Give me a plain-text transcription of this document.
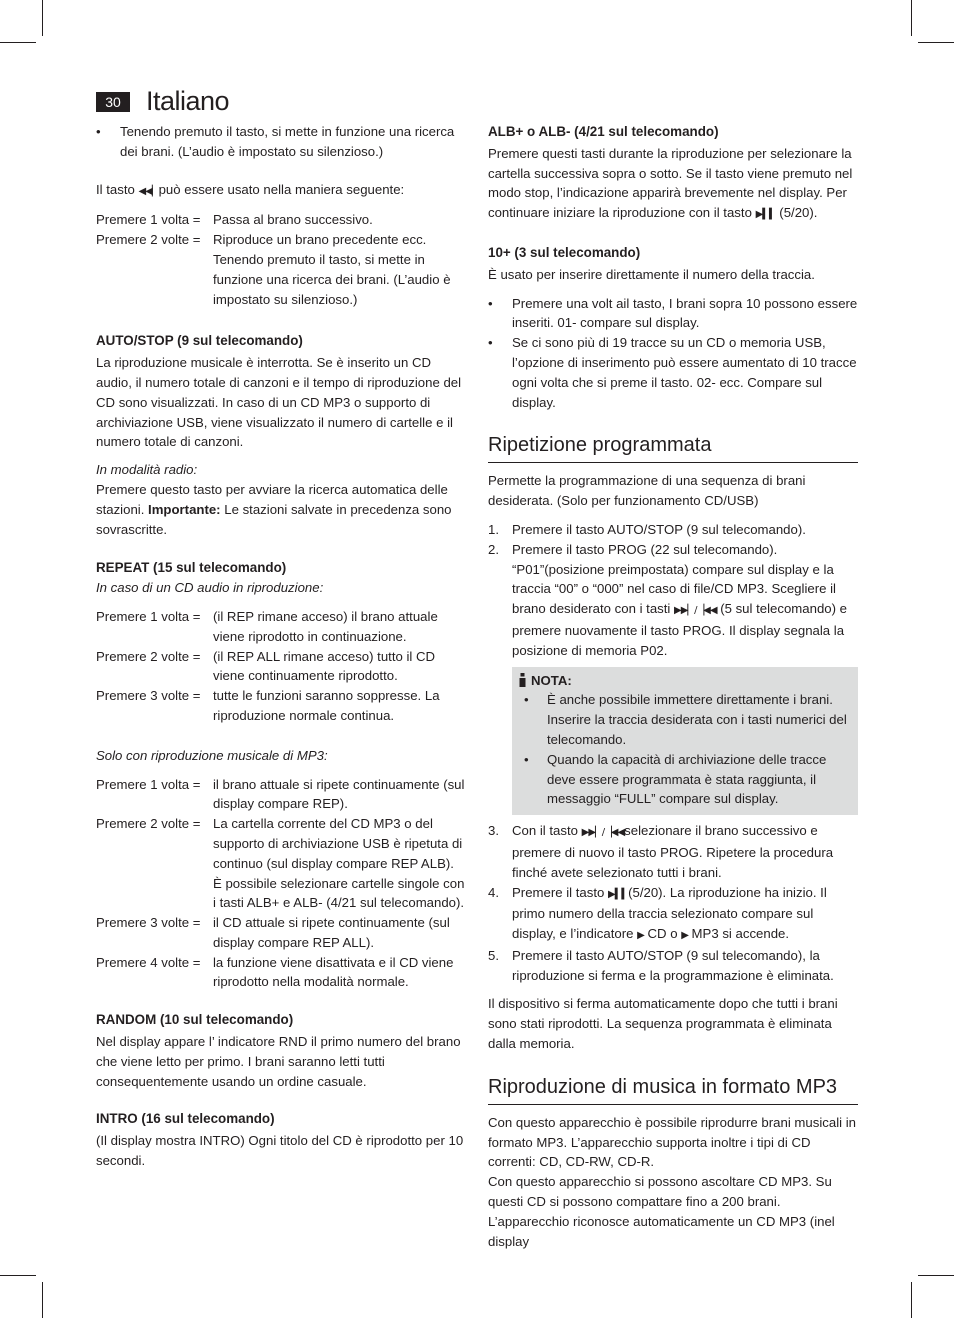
30 Italiano
• Tenendo premuto il tasto, si mette in funzione una ricerca dei brani. (L’audio è impostato su silenzioso.)

Il tasto ◀◀▏può essere usato nella maniera seguente:

Premere 1 volta = Passa al brano successivo.
Premere 2 volte = Riproduce un brano precedente ecc. Tenendo premuto il tasto, si mette in funzione una ricerca dei brani. (L’audio è impostato su silenzioso.)

AUTO/STOP (9 sul telecomando)

La riproduzione musicale è interrotta. Se è inserito un CD audio, il numero totale di canzoni e il tempo di riproduzione del CD sono visualizzati. In caso di un CD MP3 o supporto di archiviazione USB, viene visualizzato il numero di cartelle e il numero totale di canzoni.

In modalità radio:

Premere questo tasto per avviare la ricerca automatica delle stazioni. Importante: Le stazioni salvate in precedenza sono sovrascritte.

REPEAT (15 sul telecomando)

In caso di un CD audio in riproduzione:

Premere 1 volta = (il REP rimane acceso) il brano attuale viene riprodotto in continuazione.
Premere 2 volte = (il REP ALL rimane acceso) tutto il CD viene continuamente riprodotto.
Premere 3 volte = tutte le funzioni saranno soppresse. La riproduzione normale continua.

Solo con riproduzione musicale di MP3:

Premere 1 volta = il brano attuale si ripete continuamente (sul display compare REP).
Premere 2 volte = La cartella corrente del CD MP3 o del supporto di archiviazione USB è ripetuta di continuo (sul display compare REP ALB). È possibile selezionare cartelle singole con i tasti ALB+ e ALB- (4/21 sul telecomando).
Premere 3 volte = il CD attuale si ripete continuamente (sul display compare REP ALL).
Premere 4 volte = la funzione viene disattivata e il CD viene riprodotto nella modalità normale.

RANDOM (10 sul telecomando)

Nel display appare l’ indicatore RND il primo numero del brano che viene letto per primo. I brani saranno letti tutti consequentemente usando un ordine casuale.

INTRO (16 sul telecomando)

(Il display mostra INTRO) Ogni titolo del CD è riprodotto per 10 secondi.

ALB+ o ALB- (4/21 sul telecomando)

Premere questi tasti durante la riproduzione per selezionare la cartella successiva sopra o sotto. Se il tasto viene premuto nel modo stop, l’indicazione apparirà brevemente nel display. Per continuare iniziare la riproduzione con il tasto ▶▍▍ (5/20).

10+ (3 sul telecomando)

È usato per inserire direttamente il numero della traccia.

• Premere una volt ail tasto, I brani sopra 10 possono essere inseriti. 01- compare sul display.
• Se ci sono più di 19 tracce su un CD o memoria USB, l’opzione di inserimento può essere aumentato di 10 tracce ogni volta che si preme il tasto. 02- ecc. Compare sul display.

Ripetizione programmata

Permette la programmazione di una sequenza di brani desiderata. (Solo per funzionamento CD/USB)

1. Premere il tasto AUTO/STOP (9 sul telecomando).
2. Premere il tasto PROG (22 sul telecomando). “P01”(posizione preimpostata) compare sul display e la traccia “00” o “000” nel caso di file/CD MP3. Scegliere il brano desiderato con i tasti ▶▶▏/▕◀◀ (5 sul telecomando) e premere nuovamente il tasto PROG. Il display segnala la posizione di memoria P02.

NOTA:

• È anche possibile immettere direttamente i brani. Inserire la traccia desiderata con i tasti numerici del telecomando.
• Quando la capacità di archiviazione delle tracce deve essere programmata è stata raggiunta, il messaggio “FULL” compare sul display.
3. Con il tasto ▶▶▏/▕◀◀selezionare il brano successivo e premere di nuovo il tasto PROG. Ripetere la procedura finché avete selezionato tutti i brani.
4. Premere il tasto ▶▍▍(5/20). La riproduzione ha inizio. Il primo numero della traccia selezionato compare sul display, e l’indicatore ▶ CD o ▶ MP3 si accende.
5. Premere il tasto AUTO/STOP (9 sul telecomando), la riproduzione si ferma e la programmazione è eliminata.

Il dispositivo si ferma automaticamente dopo che tutti i brani sono stati riprodotti. La sequenza programmata è eliminata dalla memoria.

Riproduzione di musica in formato MP3

Con questo apparecchio è possibile riprodurre brani musicali in formato MP3. L’apparecchio supporta inoltre i tipi di CD correnti: CD, CD-RW, CD-R.

Con questo apparecchio si possono ascoltare CD MP3. Su questi CD si possono compattare fino a 200 brani. L’apparecchio riconosce automaticamente un CD MP3 (inel display
